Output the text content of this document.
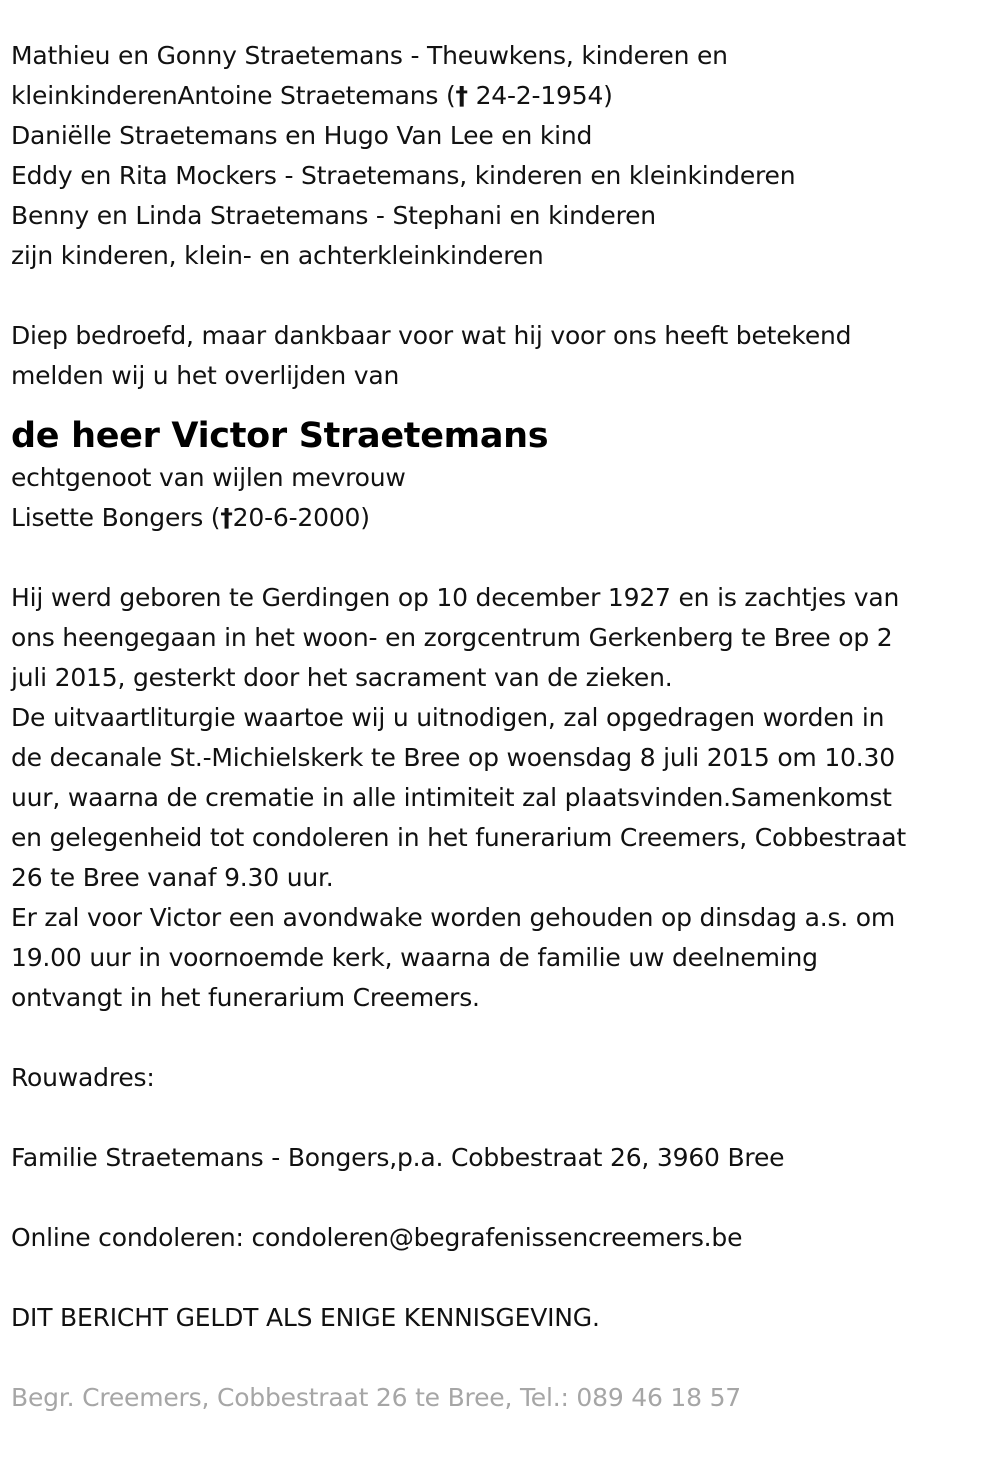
Mathieu en Gonny Straetemans - Theuwkens, kinderen en
kleinkinderenAntoine Straetemans († 24-2-1954)
Daniëlle Straetemans en Hugo Van Lee en kind
Eddy en Rita Mockers - Straetemans, kinderen en kleinkinderen
Benny en Linda Straetemans - Stephani en kinderen
zijn kinderen, klein- en achterkleinkinderen
Diep bedroefd, maar dankbaar voor wat hij voor ons heeft betekend
melden wij u het overlijden van
de heer Victor Straetemans
echtgenoot van wijlen mevrouw
Lisette Bongers (†20-6-2000)
Hij werd geboren te Gerdingen op 10 december 1927 en is zachtjes van
ons heengegaan in het woon- en zorgcentrum Gerkenberg te Bree op 2
juli 2015, gesterkt door het sacrament van de zieken.
De uitvaartliturgie waartoe wij u uitnodigen, zal opgedragen worden in
de decanale St.-Michielskerk te Bree op woensdag 8 juli 2015 om 10.30
uur, waarna de crematie in alle intimiteit zal plaatsvinden.Samenkomst
en gelegenheid tot condoleren in het funerarium Creemers, Cobbestraat
26 te Bree vanaf 9.30 uur.
Er zal voor Victor een avondwake worden gehouden op dinsdag a.s. om
19.00 uur in voornoemde kerk, waarna de familie uw deelneming
ontvangt in het funerarium Creemers.
Rouwadres:
Familie Straetemans - Bongers,p.a. Cobbestraat 26, 3960 Bree
Online condoleren: condoleren@begrafenissencreemers.be
DIT BERICHT GELDT ALS ENIGE KENNISGEVING.
Begr. Creemers, Cobbestraat 26 te Bree, Tel.: 089 46 18 57
